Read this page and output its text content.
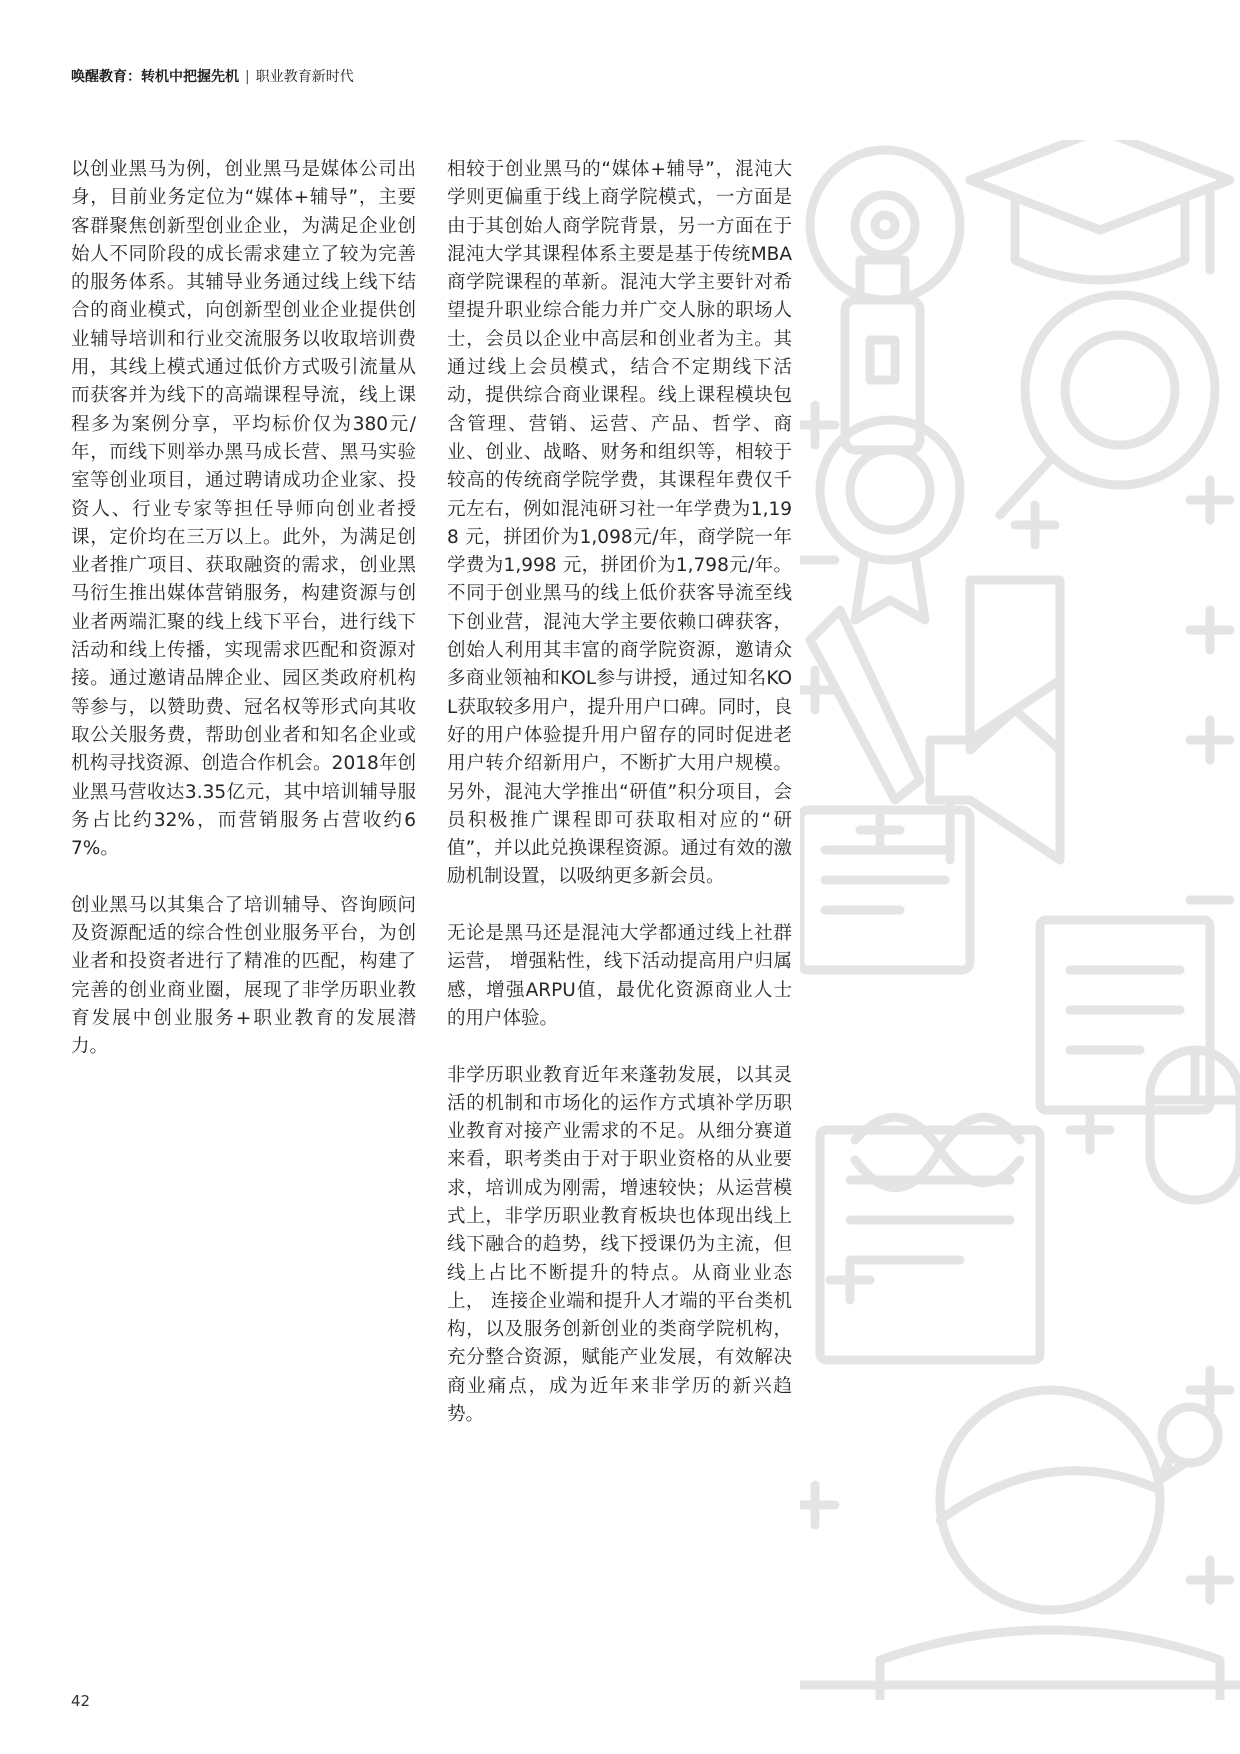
唤醒教育：转机中把握先机 | 职业教育新时代

以创业黑马为例，创业黑马是媒体公司出身，目前业务定位为“媒体+辅导”，主要客群聚焦创新型创业企业，为满足企业创始人不同阶段的成长需求建立了较为完善的服务体系。其辅导业务通过线上线下结合的商业模式，向创新型创业企业提供创业辅导培训和行业交流服务以收取培训费用，其线上模式通过低价方式吸引流量从而获客并为线下的高端课程导流，线上课程多为案例分享，平均标价仅为380元/年，而线下则举办黑马成长营、黑马实验室等创业项目，通过聘请成功企业家、投资人、行业专家等担任导师向创业者授课，定价均在三万以上。此外，为满足创业者推广项目、获取融资的需求，创业黑马衍生推出媒体营销服务，构建资源与创业者两端汇聚的线上线下平台，进行线下活动和线上传播，实现需求匹配和资源对接。通过邀请品牌企业、园区类政府机构等参与，以赞助费、冠名权等形式向其收取公关服务费，帮助创业者和知名企业或机构寻找资源、创造合作机会。2018年创业黑马营收达3.35亿元，其中培训辅导服务占比约32%，而营销服务占营收约67%。

创业黑马以其集合了培训辅导、咨询顾问及资源配适的综合性创业服务平台，为创业者和投资者进行了精准的匹配，构建了完善的创业商业圈，展现了非学历职业教育发展中创业服务+职业教育的发展潜力。

相较于创业黑马的“媒体+辅导”，混沌大学则更偏重于线上商学院模式，一方面是由于其创始人商学院背景，另一方面在于混沌大学其课程体系主要是基于传统MBA商学院课程的革新。混沌大学主要针对希望提升职业综合能力并广交人脉的职场人士，会员以企业中高层和创业者为主。其通过线上会员模式，结合不定期线下活动，提供综合商业课程。线上课程模块包含管理、营销、运营、产品、哲学、商业、创业、战略、财务和组织等，相较于较高的传统商学院学费，其课程年费仅千元左右，例如混沌研习社一年学费为1,198 元，拼团价为1,098元/年，商学院一年学费为1,998 元，拼团价为1,798元/年。不同于创业黑马的线上低价获客导流至线下创业营，混沌大学主要依赖口碑获客，创始人利用其丰富的商学院资源，邀请众多商业领袖和KOL参与讲授，通过知名KOL获取较多用户，提升用户口碑。同时，良好的用户体验提升用户留存的同时促进老用户转介绍新用户，不断扩大用户规模。另外，混沌大学推出“研值”积分项目，会员积极推广课程即可获取相对应的“研值”，并以此兑换课程资源。通过有效的激励机制设置，以吸纳更多新会员。

无论是黑马还是混沌大学都通过线上社群运营， 增强粘性，线下活动提高用户归属感，增强ARPU值，最优化资源商业人士的用户体验。

非学历职业教育近年来蓬勃发展，以其灵活的机制和市场化的运作方式填补学历职业教育对接产业需求的不足。从细分赛道来看，职考类由于对于职业资格的从业要求，培训成为刚需，增速较快；从运营模式上，非学历职业教育板块也体现出线上线下融合的趋势，线下授课仍为主流，但线上占比不断提升的特点。从商业业态上， 连接企业端和提升人才端的平台类机构，以及服务创新创业的类商学院机构，充分整合资源，赋能产业发展，有效解决商业痛点，成为近年来非学历的新兴趋势。

42
